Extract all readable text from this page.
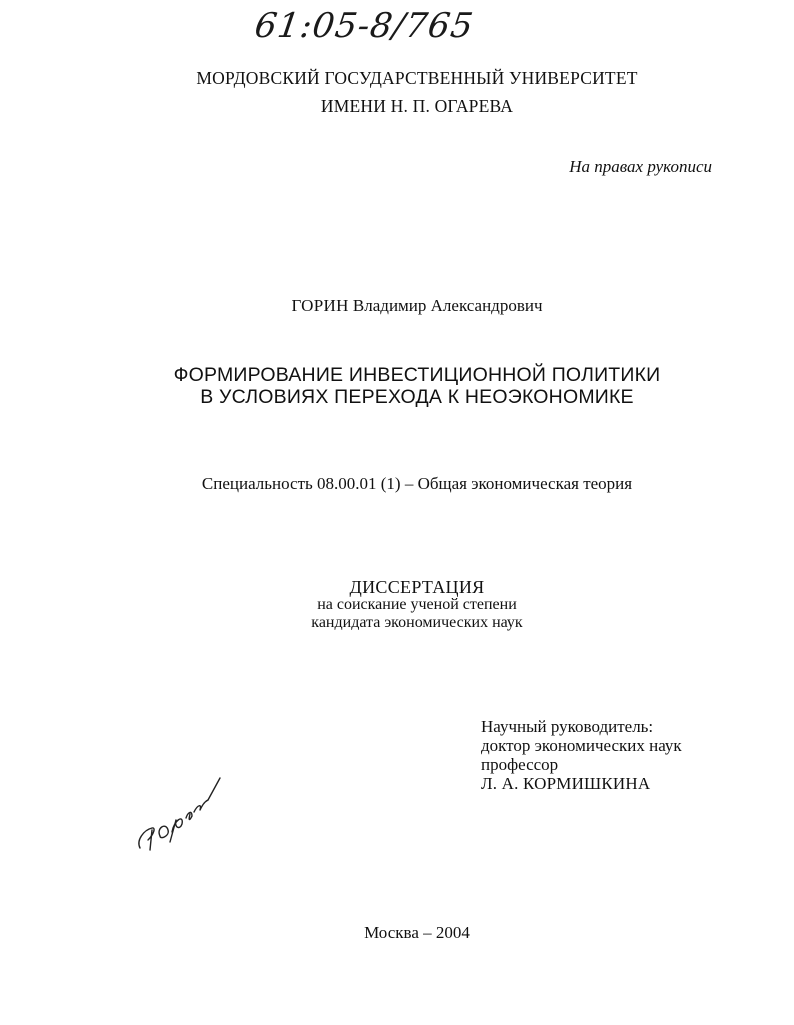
61:05-8/765
МОРДОВСКИЙ ГОСУДАРСТВЕННЫЙ УНИВЕРСИТЕТ
ИМЕНИ Н. П. ОГАРЕВА
На правах рукописи
ГОРИН Владимир Александрович
ФОРМИРОВАНИЕ ИНВЕСТИЦИОННОЙ ПОЛИТИКИ
В УСЛОВИЯХ ПЕРЕХОДА К НЕОЭКОНОМИКЕ
Специальность 08.00.01 (1) – Общая экономическая теория
ДИССЕРТАЦИЯ
на соискание ученой степени
кандидата экономических наук
Научный руководитель:
доктор экономических наук
профессор
Л. А. КОРМИШКИНА
Москва – 2004
